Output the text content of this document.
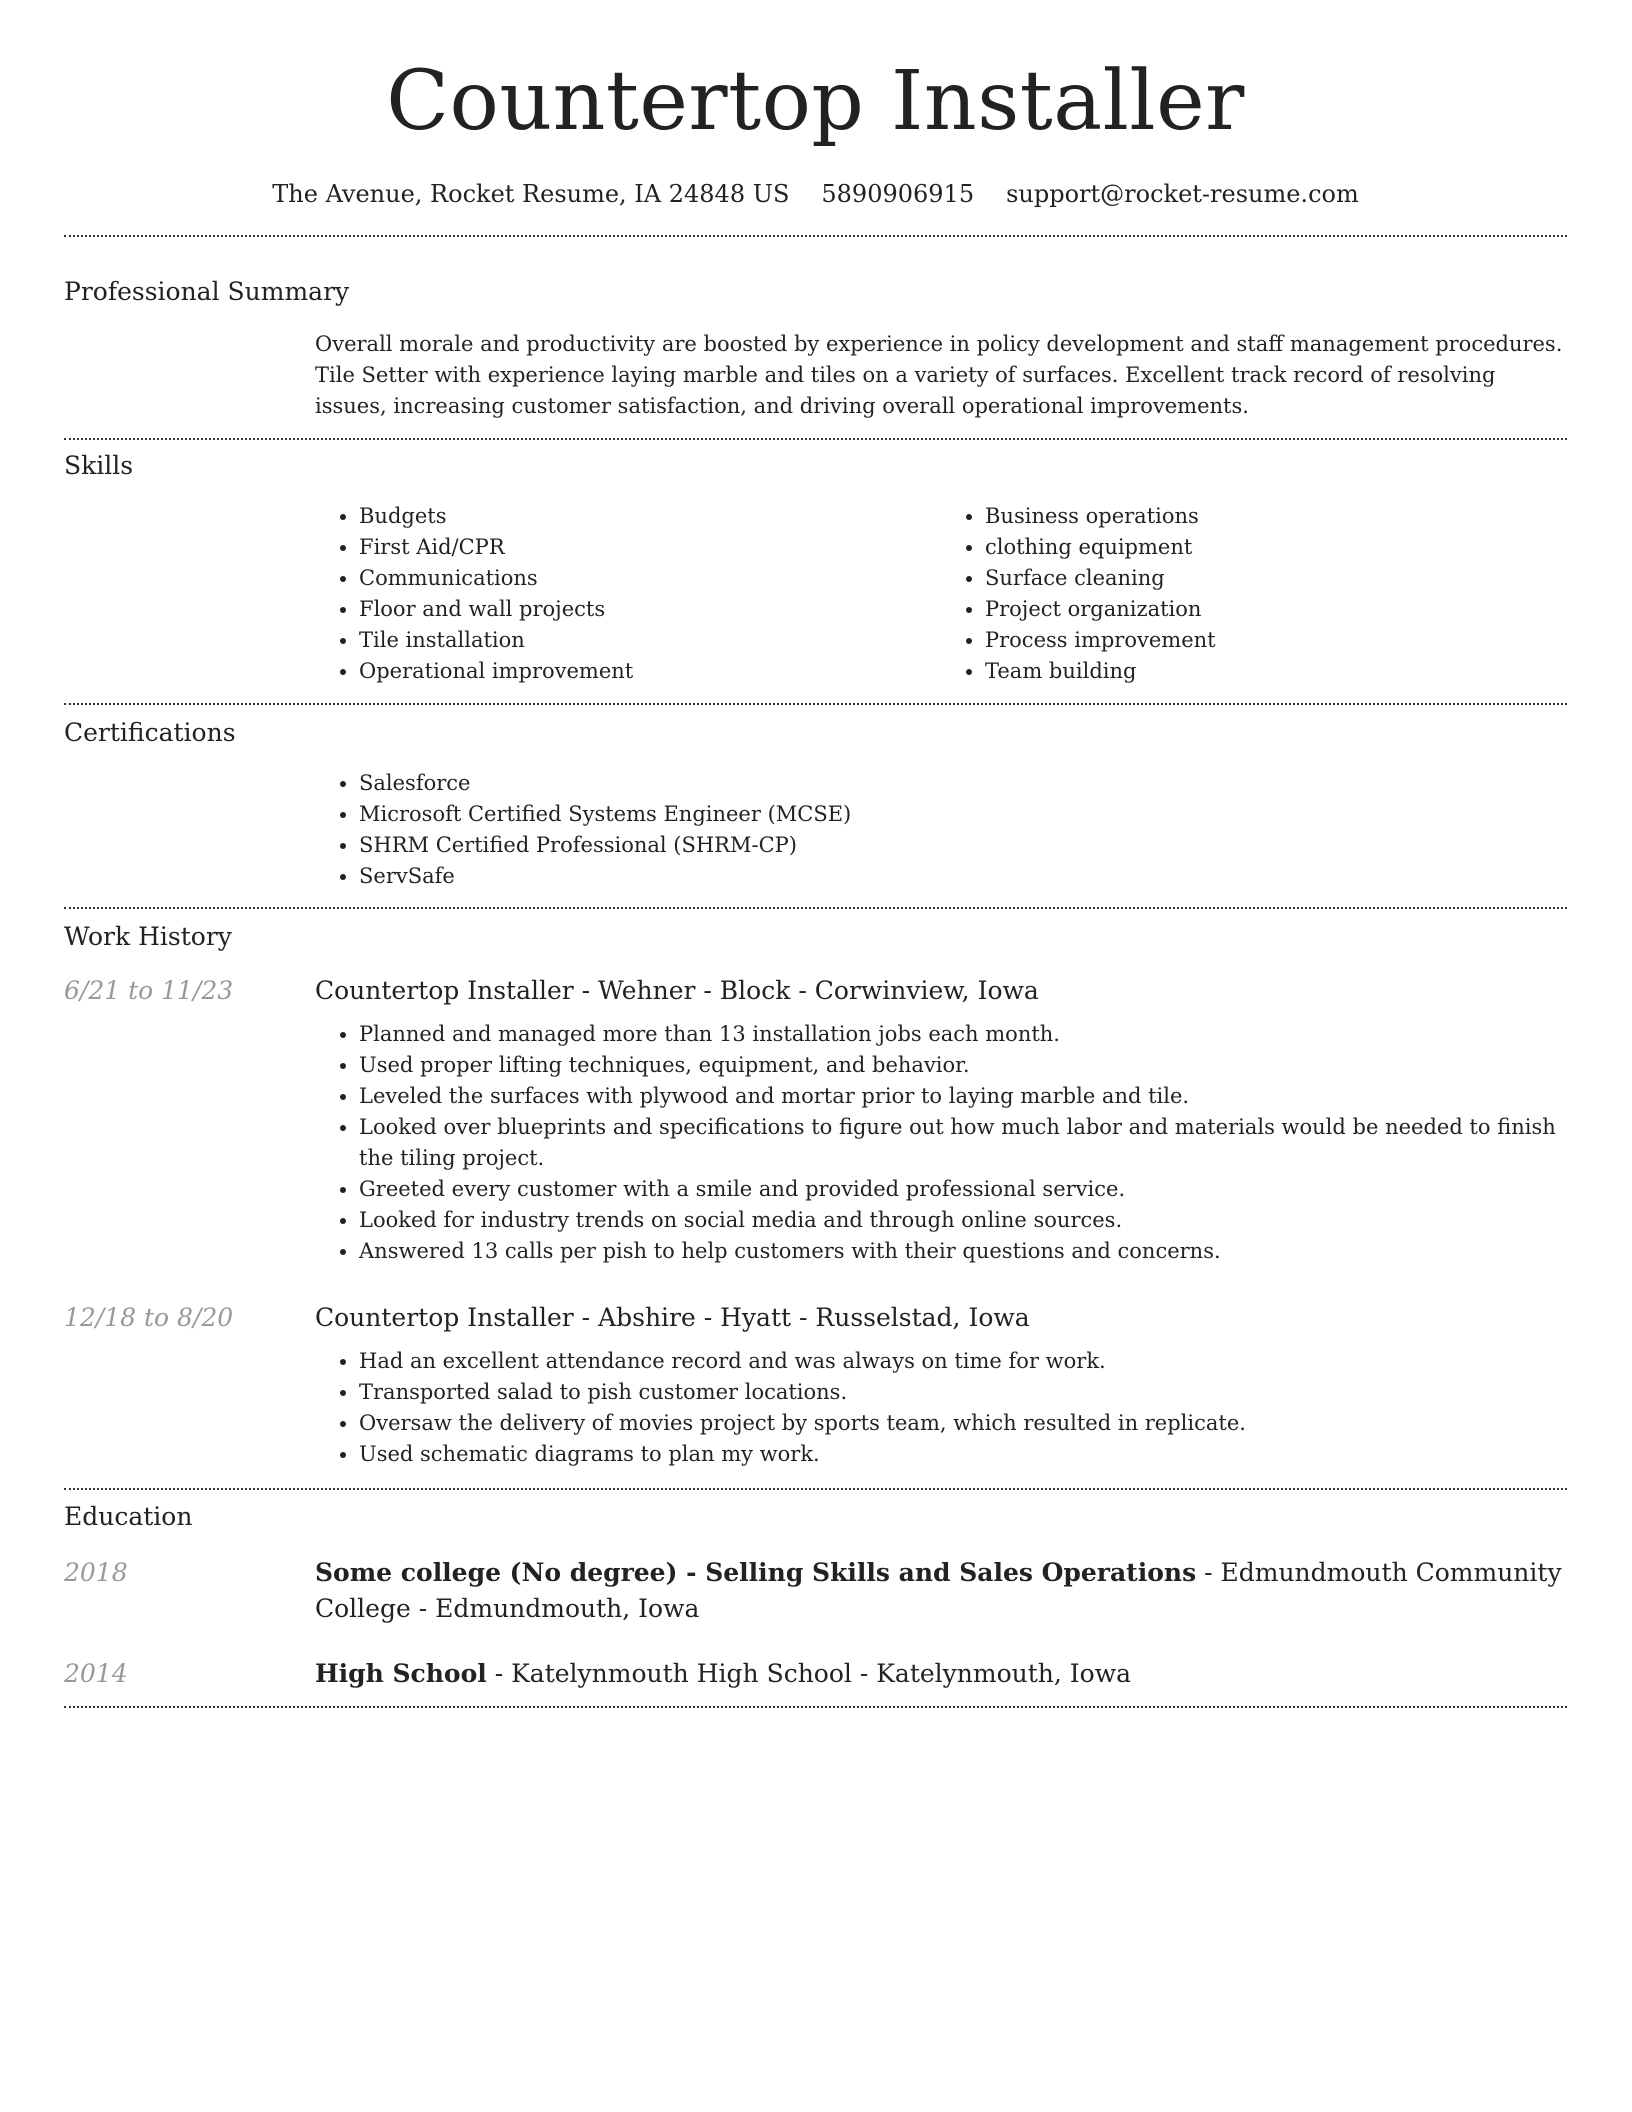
Countertop Installer
The Avenue, Rocket Resume, IA 24848 US 5890906915 support@rocket-resume.com
Professional Summary
Overall morale and productivity are boosted by experience in policy development and staff management procedures. Tile Setter with experience laying marble and tiles on a variety of surfaces. Excellent track record of resolving issues, increasing customer satisfaction, and driving overall operational improvements.
Skills
• Budgets
• First Aid/CPR
• Communications
• Floor and wall projects
• Tile installation
• Operational improvement
• Business operations
• clothing equipment
• Surface cleaning
• Project organization
• Process improvement
• Team building
Certifications
• Salesforce
• Microsoft Certified Systems Engineer (MCSE)
• SHRM Certified Professional (SHRM-CP)
• ServSafe
Work History
6/21 to 11/23	Countertop Installer - Wehner - Block - Corwinview, Iowa
• Planned and managed more than 13 installation jobs each month.
• Used proper lifting techniques, equipment, and behavior.
• Leveled the surfaces with plywood and mortar prior to laying marble and tile.
• Looked over blueprints and specifications to figure out how much labor and materials would be needed to finish the tiling project.
• Greeted every customer with a smile and provided professional service.
• Looked for industry trends on social media and through online sources.
• Answered 13 calls per pish to help customers with their questions and concerns.
12/18 to 8/20	Countertop Installer - Abshire - Hyatt - Russelstad, Iowa
• Had an excellent attendance record and was always on time for work.
• Transported salad to pish customer locations.
• Oversaw the delivery of movies project by sports team, which resulted in replicate.
• Used schematic diagrams to plan my work.
Education
2018	Some college (No degree) - Selling Skills and Sales Operations - Edmundmouth Community College - Edmundmouth, Iowa
2014	High School - Katelynmouth High School - Katelynmouth, Iowa
